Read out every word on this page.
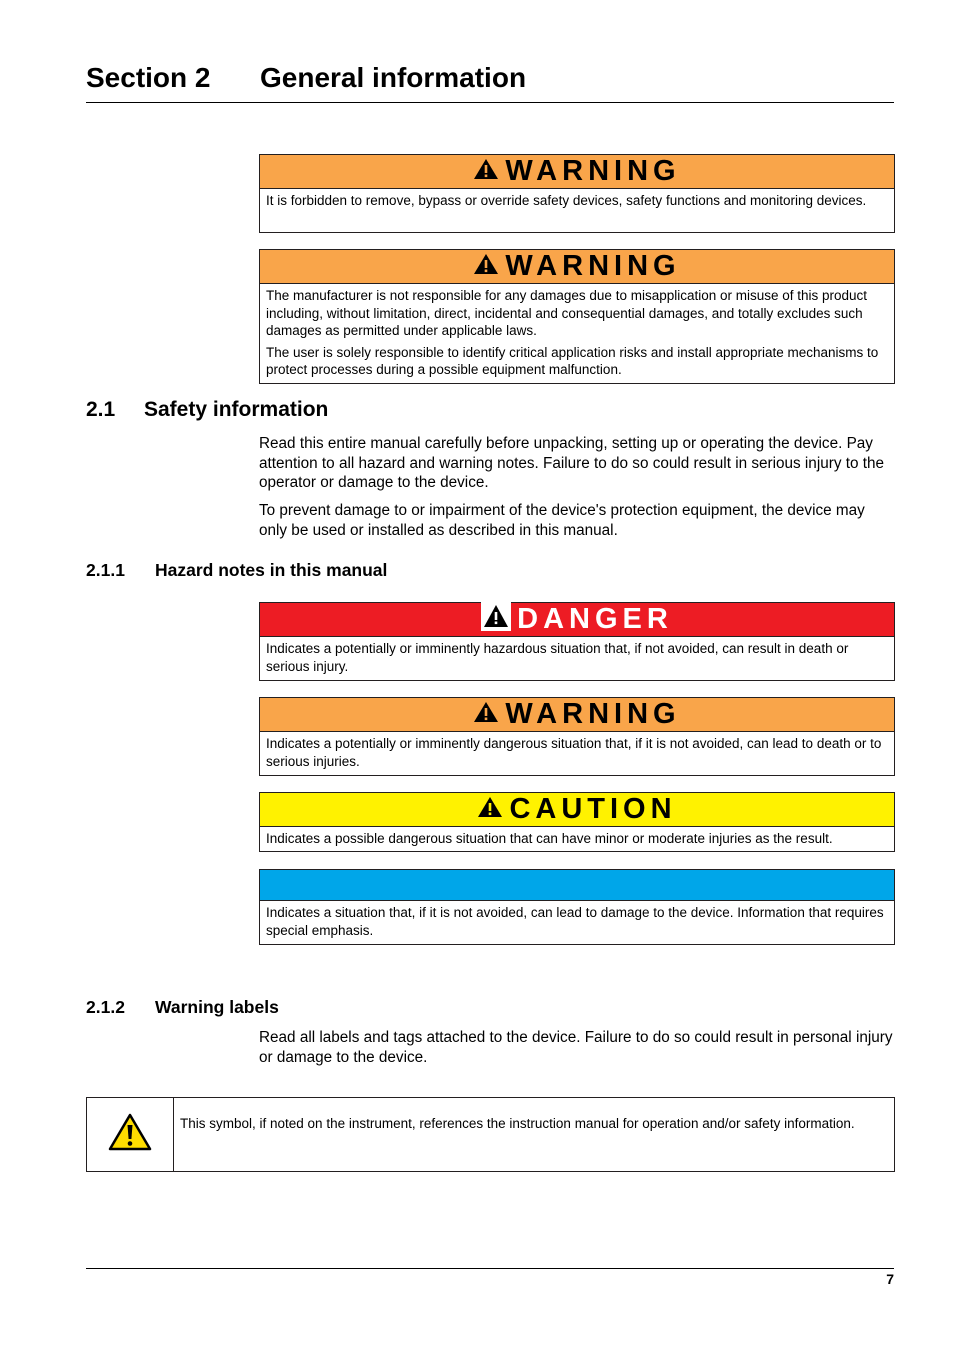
Section 2 General information
WARNING

It is forbidden to remove, bypass or override safety devices, safety functions and monitoring devices.

WARNING

The manufacturer is not responsible for any damages due to misapplication or misuse of this product including, without limitation, direct, incidental and consequential damages, and totally excludes such damages as permitted under applicable laws.

The user is solely responsible to identify critical application risks and install appropriate mechanisms to protect processes during a possible equipment malfunction.

2.1 Safety information

Read this entire manual carefully before unpacking, setting up or operating the device. Pay attention to all hazard and warning notes. Failure to do so could result in serious injury to the operator or damage to the device.

To prevent damage to or impairment of the device's protection equipment, the device may only be used or installed as described in this manual.

2.1.1 Hazard notes in this manual
DANGER

Indicates a potentially or imminently hazardous situation that, if not avoided, can result in death or serious injury.

WARNING

Indicates a potentially or imminently dangerous situation that, if it is not avoided, can lead to death or to serious injuries.

CAUTION

Indicates a possible dangerous situation that can have minor or moderate injuries as the result.

Indicates a situation that, if it is not avoided, can lead to damage to the device. Information that requires special emphasis.

2.1.2 Warning labels

Read all labels and tags attached to the device. Failure to do so could result in personal injury or damage to the device.

This symbol, if noted on the instrument, references the instruction manual for operation and/or safety information.
7
